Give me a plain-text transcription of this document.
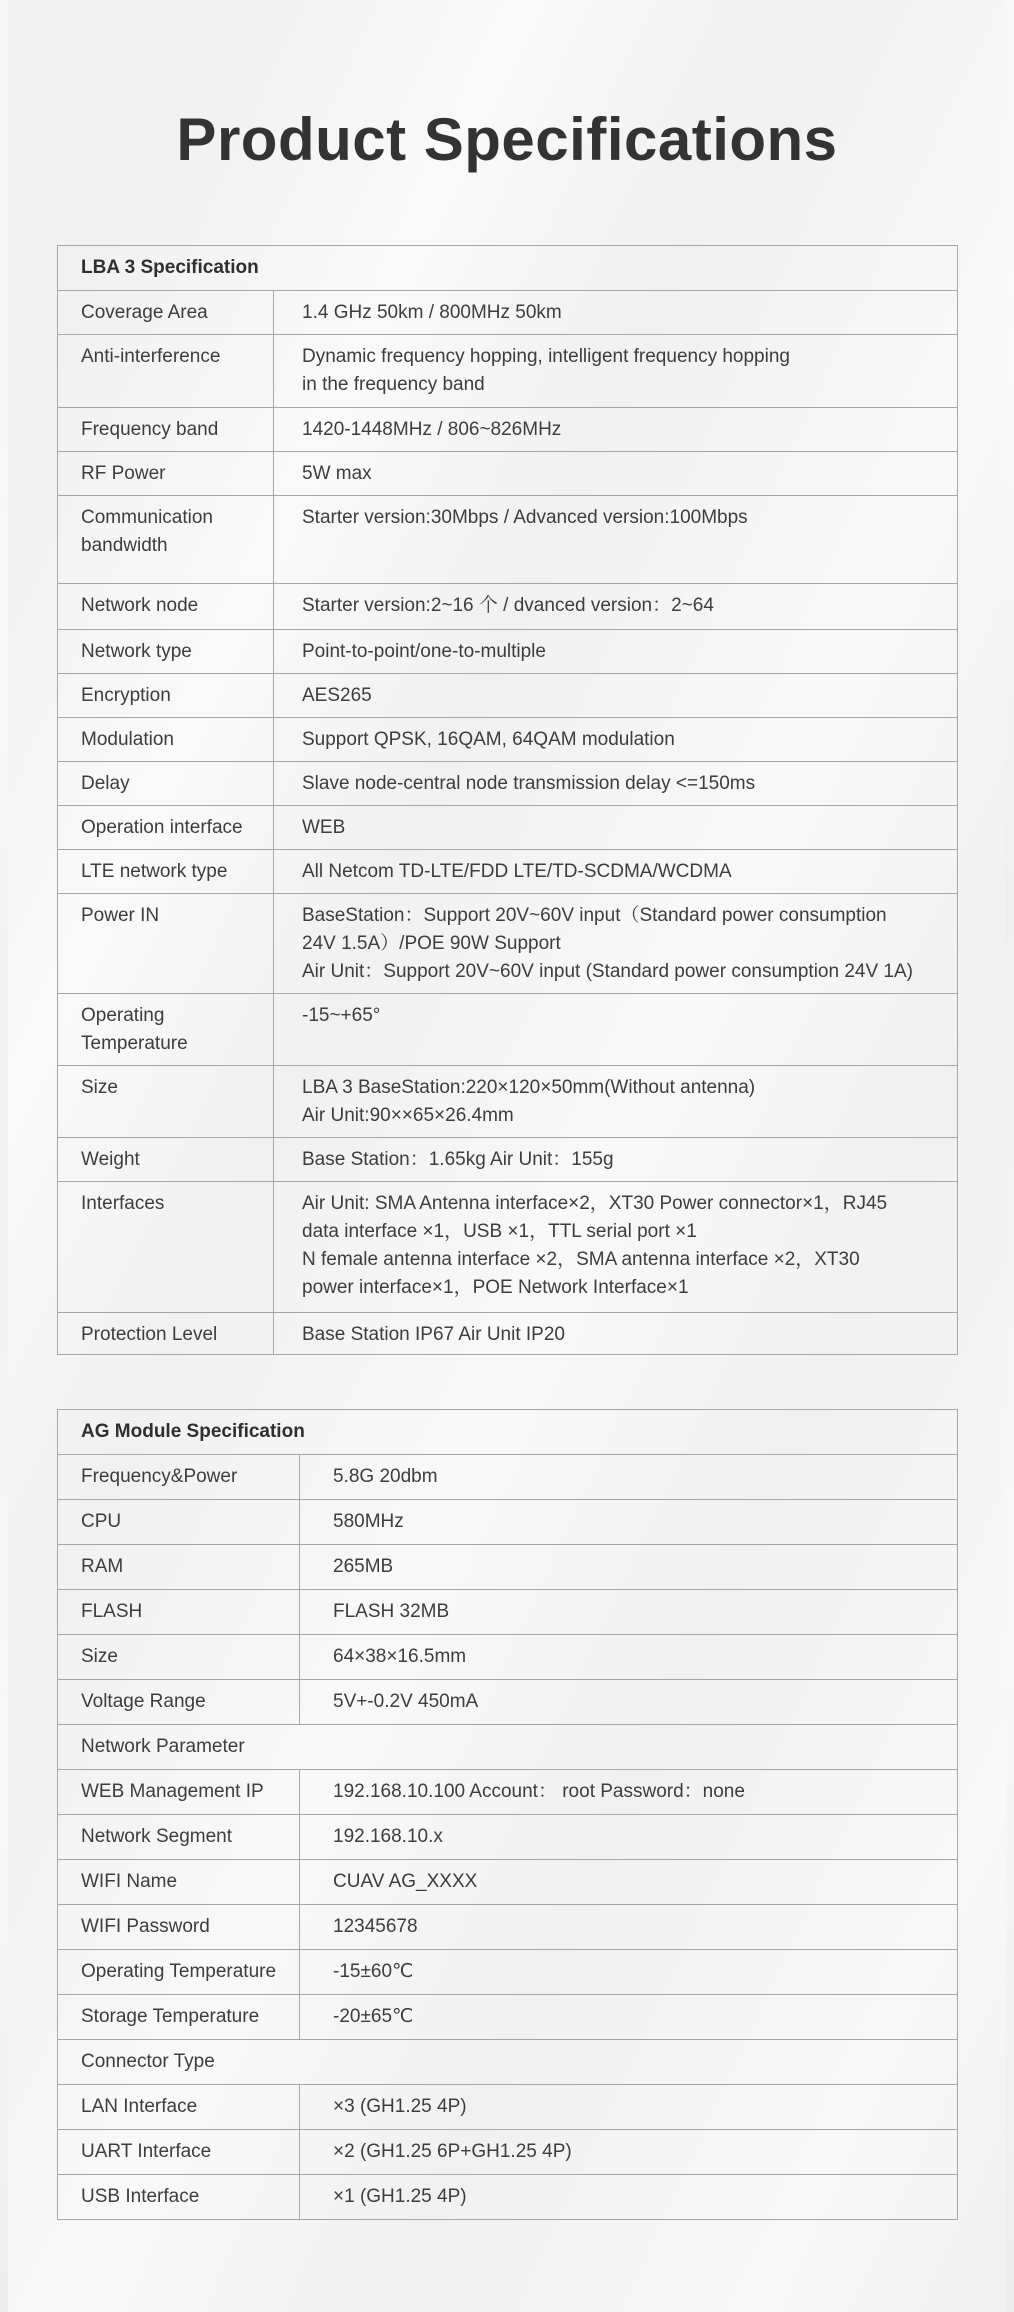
Product Specifications
LBA 3 Specification	
Coverage Area	1.4 GHz 50km / 800MHz 50km

Anti-interference	Dynamic frequency hopping, intelligent frequency hopping
in the frequency band

Frequency band	1420-1448MHz / 806~826MHz

RF Power	5W max

Communication bandwidth	Starter version:30Mbps / Advanced version:100Mbps

Network node	Starter version:2~16 个 / dvanced version：2~64

Network type	Point-to-point/one-to-multiple

Encryption	AES265

Modulation	Support QPSK, 16QAM, 64QAM modulation

Delay	Slave node-central node transmission delay <=150ms

Operation interface	WEB

LTE network type	All Netcom TD-LTE/FDD LTE/TD-SCDMA/WCDMA

Power IN	BaseStation：Support 20V~60V input（Standard power consumption
24V 1.5A）/POE 90W Support
Air Unit：Support 20V~60V input (Standard power consumption 24V 1A)

Operating Temperature	-15~+65°

Size	LBA 3 BaseStation:220×120×50mm(Without antenna)
Air Unit:90××65×26.4mm

Weight	Base Station：1.65kg Air Unit：155g

Interfaces	Air Unit: SMA Antenna interface×2，XT30 Power connector×1，RJ45
data interface ×1，USB ×1，TTL serial port ×1
N female antenna interface ×2，SMA antenna interface ×2，XT30
power interface×1，POE Network Interface×1

Protection Level	Base Station IP67 Air Unit IP20
AG Module Specification	
Frequency&Power	5.8G 20dbm
CPU	580MHz
RAM	265MB
FLASH	FLASH 32MB
Size	64×38×16.5mm
Voltage Range	5V+-0.2V 450mA
Network Parameter	
WEB Management IP	192.168.10.100 Account： root Password：none
Network Segment	192.168.10.x
WIFI Name	CUAV AG_XXXX
WIFI Password	12345678
Operating Temperature	-15±60℃
Storage Temperature	-20±65℃
Connector Type	
LAN Interface	×3 (GH1.25 4P)
UART Interface	×2 (GH1.25 6P+GH1.25 4P)
USB Interface	×1 (GH1.25 4P)
